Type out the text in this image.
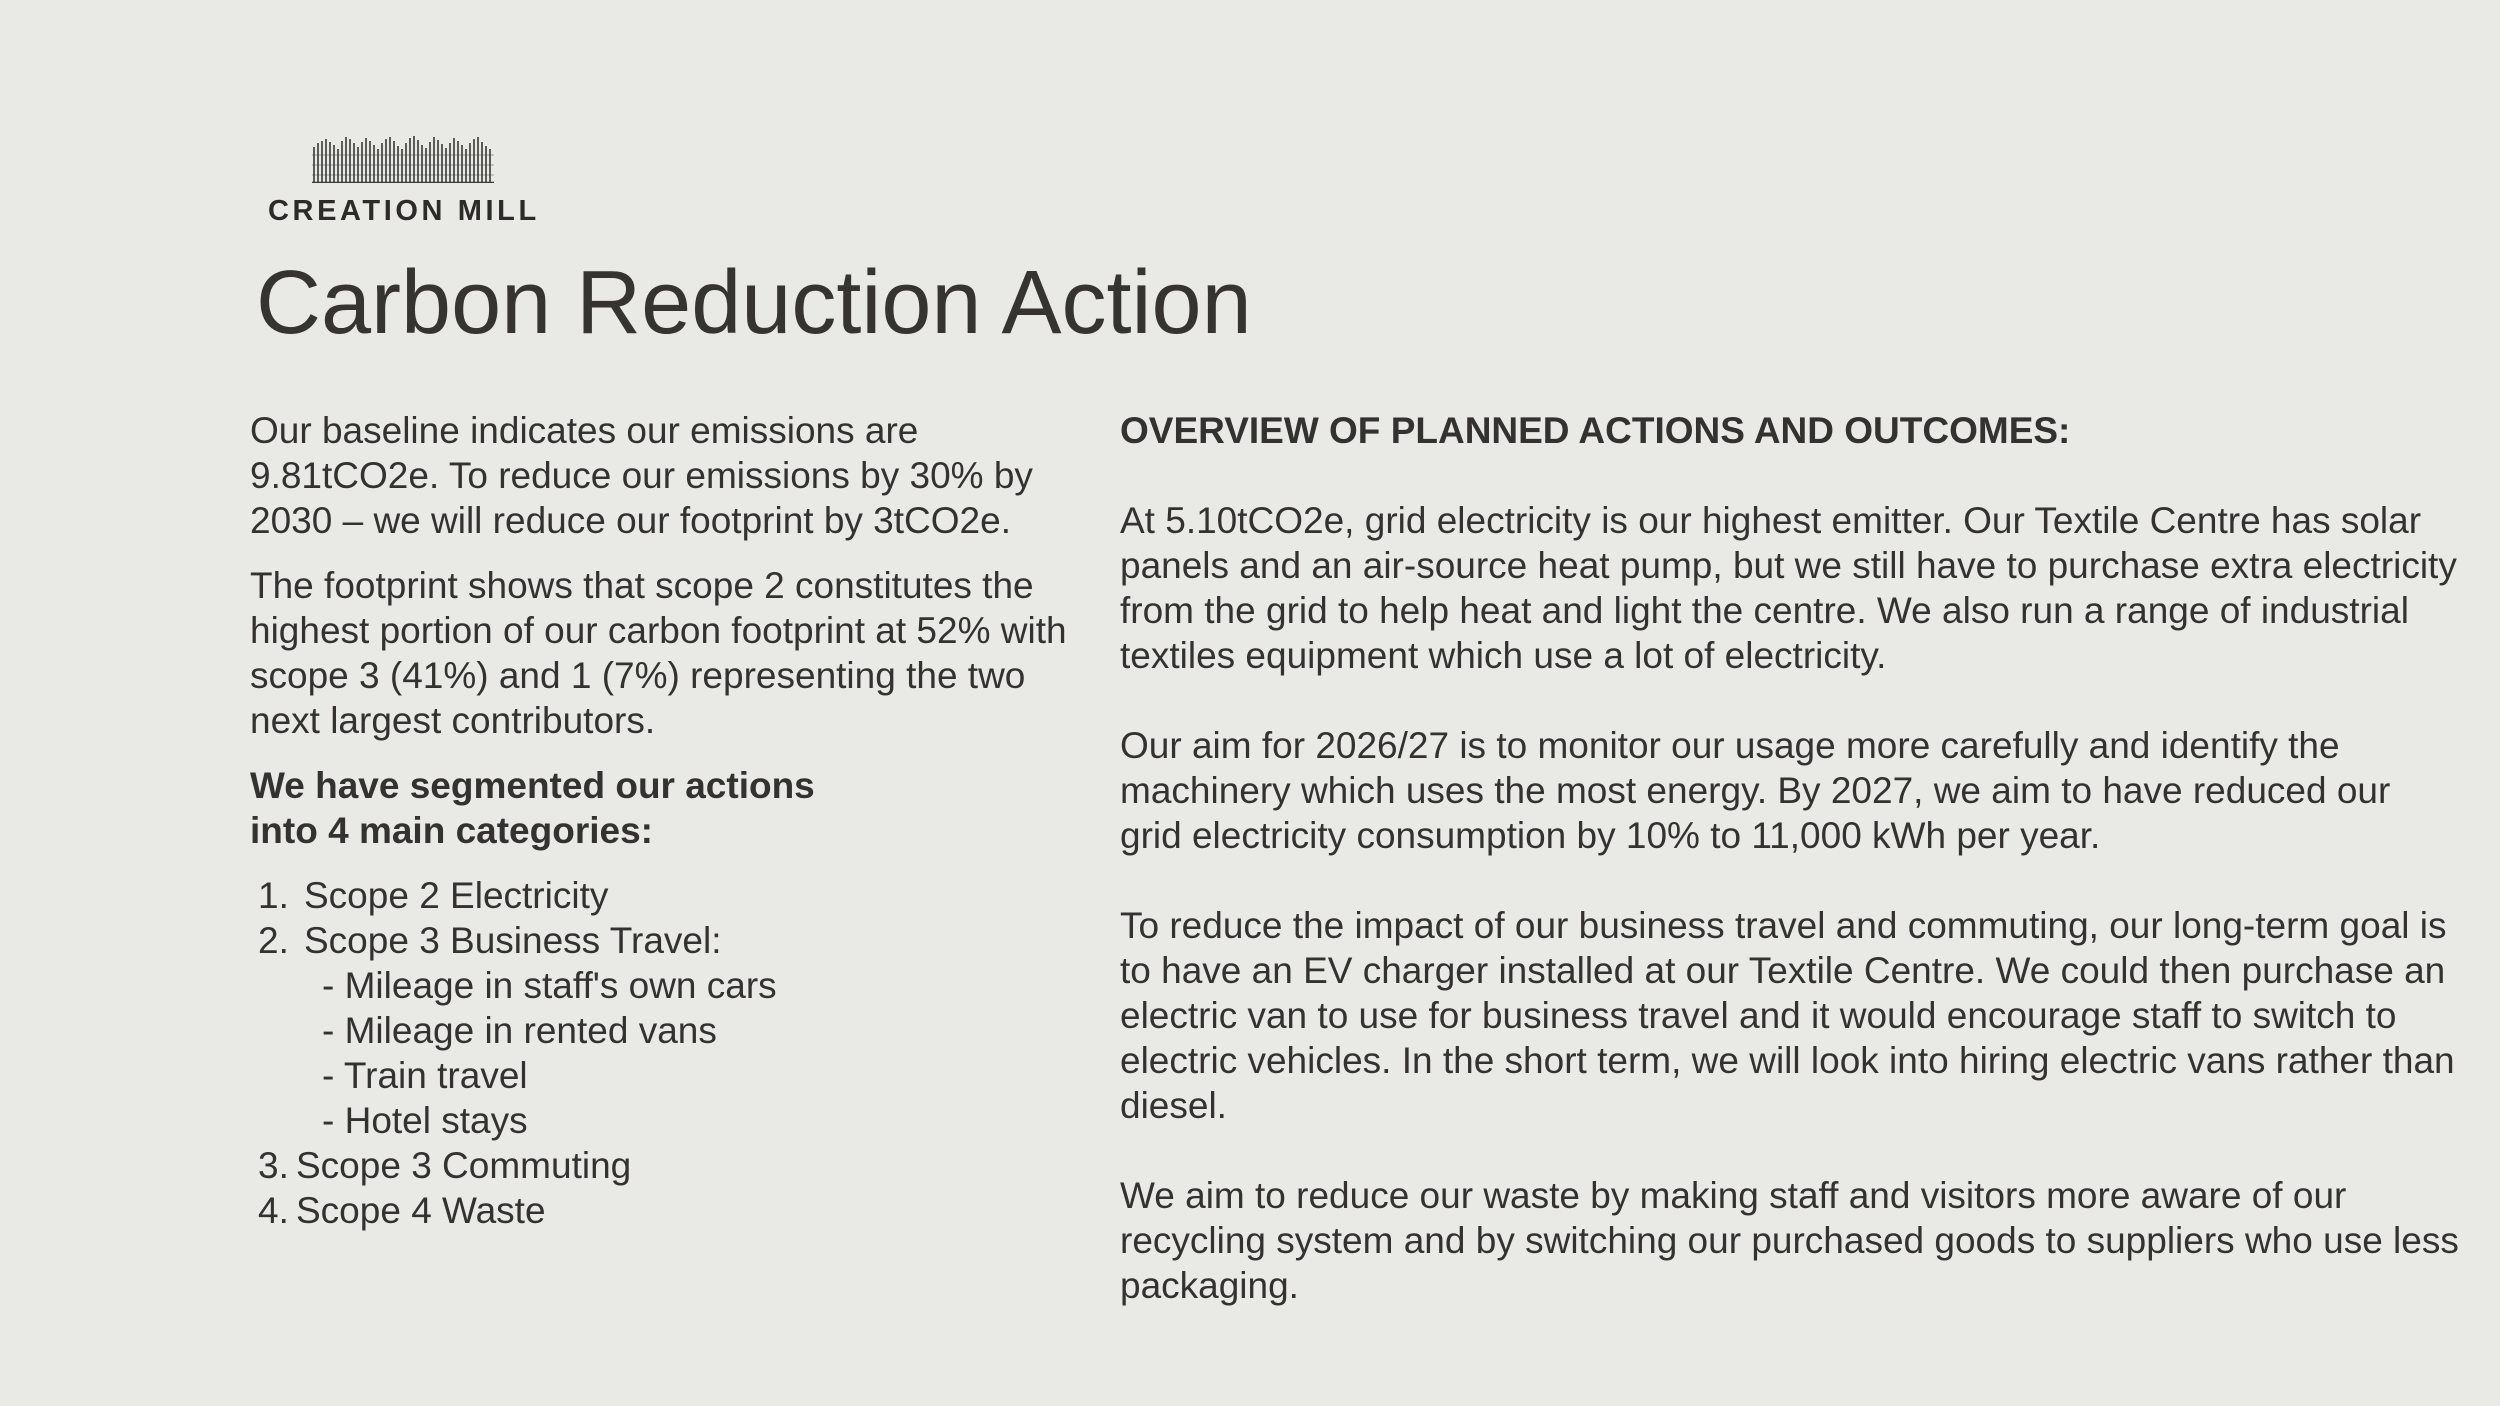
CREATION MILL
Carbon Reduction Action

Our baseline indicates our emissions are 9.81tCO2e. To reduce our emissions by 30% by 2030 – we will reduce our footprint by 3tCO2e.

The footprint shows that scope 2 constitutes the highest portion of our carbon footprint at 52% with scope 3 (41%) and 1 (7%) representing the two next largest contributors.

We have segmented our actions into 4 main categories:

1. Scope 2 Electricity
2. Scope 3 Business Travel:
- Mileage in staff's own cars
- Mileage in rented vans
- Train travel
- Hotel stays
3. Scope 3 Commuting
4. Scope 4 Waste

OVERVIEW OF PLANNED ACTIONS AND OUTCOMES:

At 5.10tCO2e, grid electricity is our highest emitter. Our Textile Centre has solar panels and an air-source heat pump, but we still have to purchase extra electricity from the grid to help heat and light the centre. We also run a range of industrial textiles equipment which use a lot of electricity.

Our aim for 2026/27 is to monitor our usage more carefully and identify the machinery which uses the most energy. By 2027, we aim to have reduced our grid electricity consumption by 10% to 11,000 kWh per year.

To reduce the impact of our business travel and commuting, our long-term goal is to have an EV charger installed at our Textile Centre. We could then purchase an electric van to use for business travel and it would encourage staff to switch to electric vehicles. In the short term, we will look into hiring electric vans rather than diesel.

We aim to reduce our waste by making staff and visitors more aware of our recycling system and by switching our purchased goods to suppliers who use less packaging.
